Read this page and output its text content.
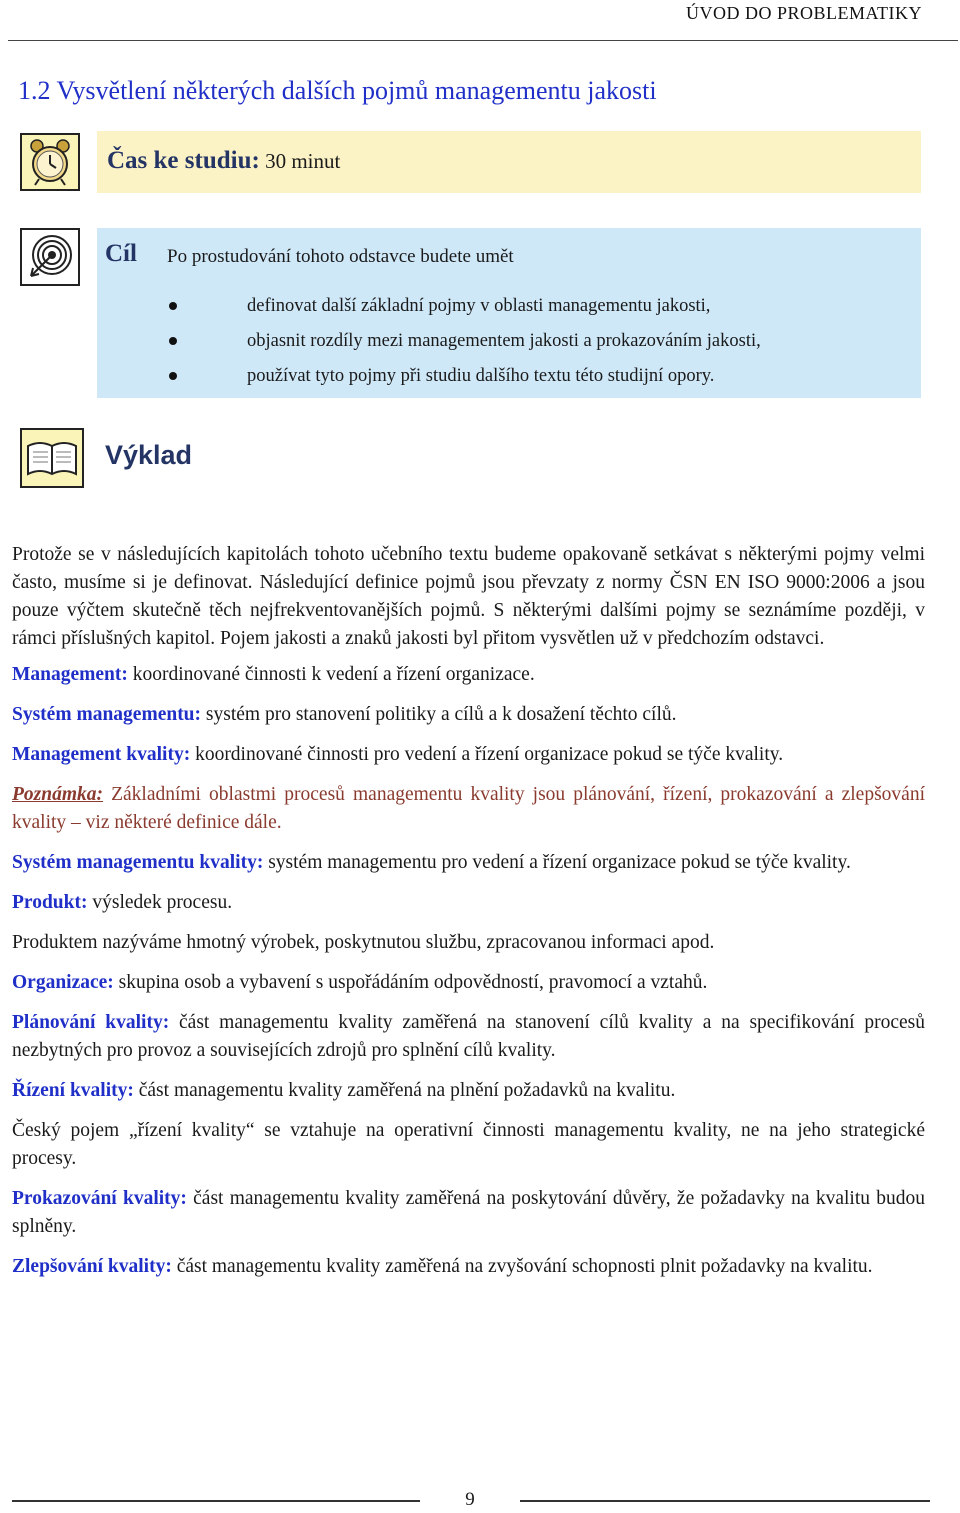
ÚVOD DO PROBLEMATIKY
1.2 Vysvětlení některých dalších pojmů managementu jakosti
Čas ke studiu: 30 minut
Cíl Po prostudování tohoto odstavce budete umět
definovat další základní pojmy v oblasti managementu jakosti,
objasnit rozdíly mezi managementem jakosti a prokazováním jakosti,
používat tyto pojmy při studiu dalšího textu této studijní opory.
Výklad

Protože se v následujících kapitolách tohoto učebního textu budeme opakovaně setkávat s některými pojmy velmi často, musíme si je definovat. Následující definice pojmů jsou převzaty z normy ČSN EN ISO 9000:2006 a jsou pouze výčtem skutečně těch nejfrekventovanějších pojmů. S některými dalšími pojmy se seznámíme později, v rámci příslušných kapitol. Pojem jakosti a znaků jakosti byl přitom vysvětlen už v předchozím odstavci.

Management: koordinované činnosti k vedení a řízení organizace.

Systém managementu: systém pro stanovení politiky a cílů a k dosažení těchto cílů.

Management kvality: koordinované činnosti pro vedení a řízení organizace pokud se týče kvality.

Poznámka: Základními oblastmi procesů managementu kvality jsou plánování, řízení, prokazování a zlepšování kvality – viz některé definice dále.

Systém managementu kvality: systém managementu pro vedení a řízení organizace pokud se týče kvality.

Produkt: výsledek procesu.

Produktem nazýváme hmotný výrobek, poskytnutou službu, zpracovanou informaci apod.

Organizace: skupina osob a vybavení s uspořádáním odpovědností, pravomocí a vztahů.

Plánování kvality: část managementu kvality zaměřená na stanovení cílů kvality a na specifikování procesů nezbytných pro provoz a souvisejících zdrojů pro splnění cílů kvality.

Řízení kvality: část managementu kvality zaměřená na plnění požadavků na kvalitu.

Český pojem „řízení kvality“ se vztahuje na operativní činnosti managementu kvality, ne na jeho strategické procesy.

Prokazování kvality: část managementu kvality zaměřená na poskytování důvěry, že požadavky na kvalitu budou splněny.

Zlepšování kvality: část managementu kvality zaměřená na zvyšování schopnosti plnit požadavky na kvalitu.

9
